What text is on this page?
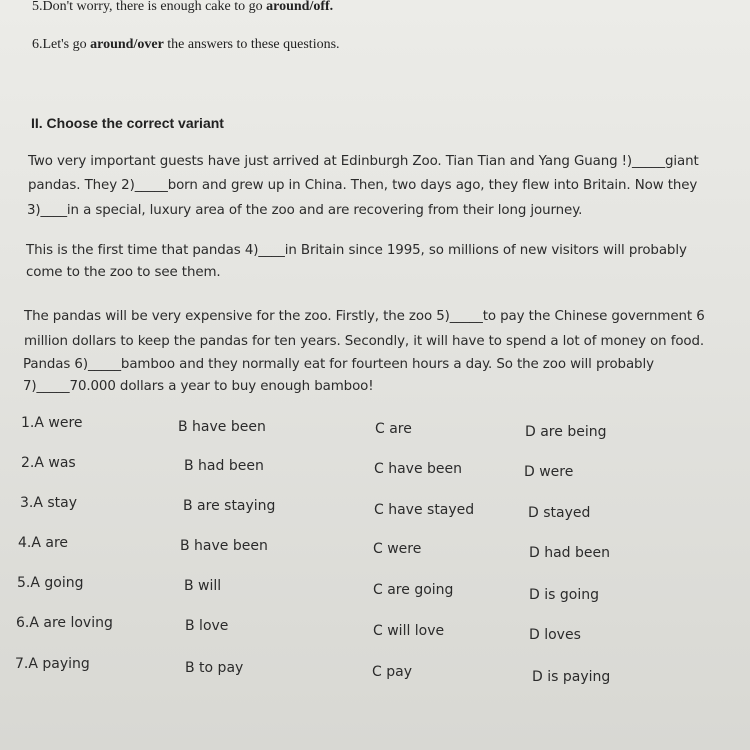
5.Don't worry, there is enough cake to go around/off.
6.Let's go around/over the answers to these questions.
II. Choose the correct variant
Two very important guests have just arrived at Edinburgh Zoo. Tian Tian and Yang Guang !)_____giant
pandas. They 2)_____born and grew up in China. Then, two days ago, they flew into Britain. Now they
3)____in a special, luxury area of the zoo and are recovering from their long journey.
This is the first time that pandas 4)____in Britain since 1995, so millions of new visitors will probably
come to the zoo to see them.
The pandas will be very expensive for the zoo. Firstly, the zoo 5)_____to pay the Chinese government 6
million dollars to keep the pandas for ten years. Secondly, it will have to spend a lot of money on food.
Pandas 6)_____bamboo and they normally eat for fourteen hours a day. So the zoo will probably
7)_____70.000 dollars a year to buy enough bamboo!
1.A were	B have been	C are	D are being
2.A was	B had been	C have been	D were
3.A stay	B are staying	C have stayed	D stayed
4.A are	B have been	C were	D had been
5.A going	B will	C are going	D is going
6.A are loving	B love	C will love	D loves
7.A paying	B to pay	C pay	D is paying
